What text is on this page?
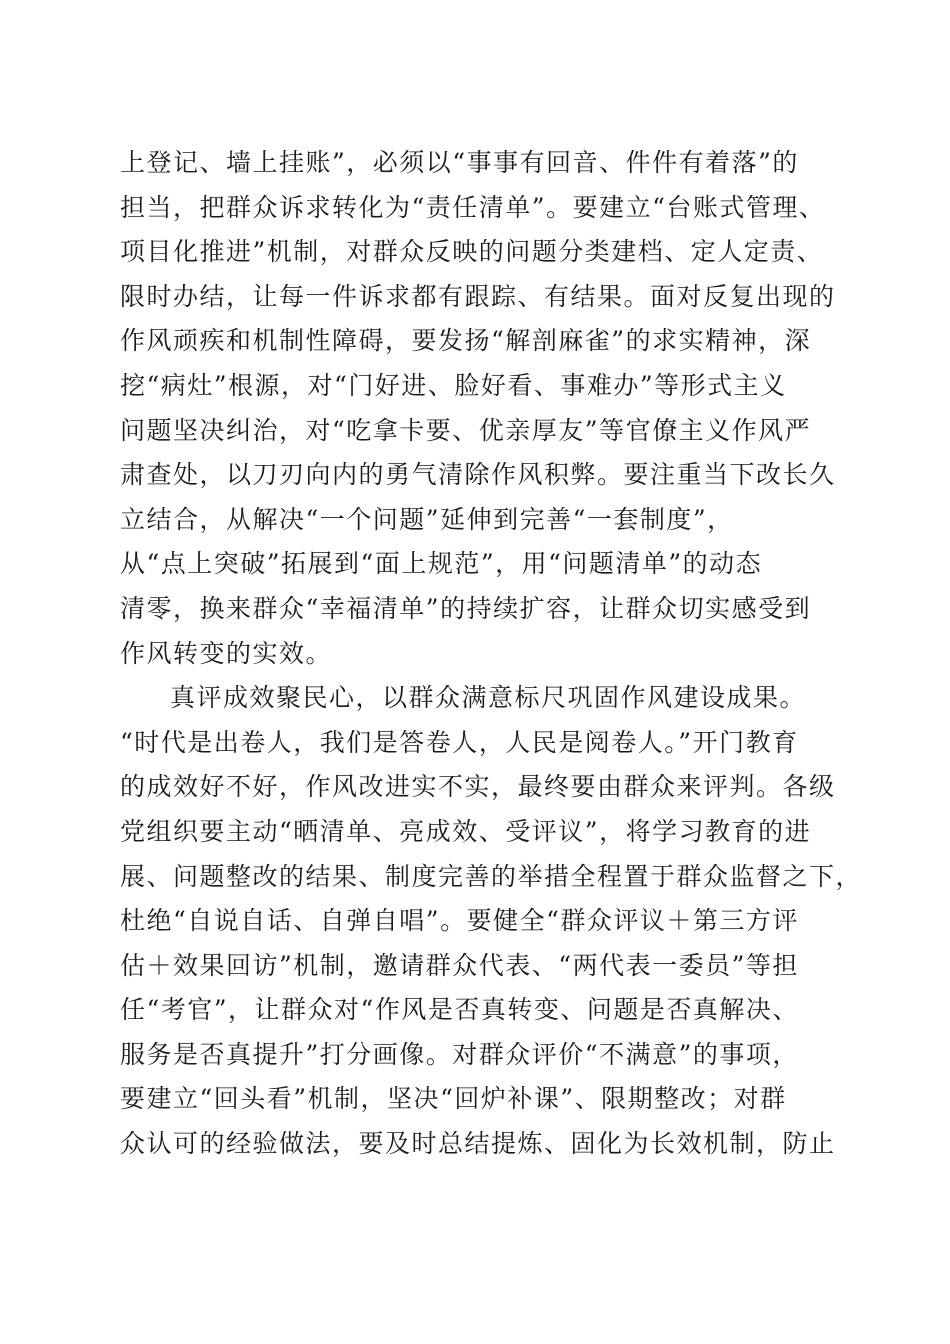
上登记、墙上挂账”，必须以“事事有回音、件件有着落”的
担当，把群众诉求转化为“责任清单”。要建立“台账式管理、
项目化推进”机制，对群众反映的问题分类建档、定人定责、
限时办结，让每一件诉求都有跟踪、有结果。面对反复出现的
作风顽疾和机制性障碍，要发扬“解剖麻雀”的求实精神，深
挖“病灶”根源，对“门好进、脸好看、事难办”等形式主义
问题坚决纠治，对“吃拿卡要、优亲厚友”等官僚主义作风严
肃查处，以刀刃向内的勇气清除作风积弊。要注重当下改长久
立结合，从解决“一个问题”延伸到完善“一套制度”，
从“点上突破”拓展到“面上规范”，用“问题清单”的动态
清零，换来群众“幸福清单”的持续扩容，让群众切实感受到
作风转变的实效。
真评成效聚民心，以群众满意标尺巩固作风建设成果。
“时代是出卷人，我们是答卷人，人民是阅卷人。”开门教育
的成效好不好，作风改进实不实，最终要由群众来评判。各级
党组织要主动“晒清单、亮成效、受评议”，将学习教育的进
展、问题整改的结果、制度完善的举措全程置于群众监督之下，
杜绝“自说自话、自弹自唱”。要健全“群众评议＋第三方评
估＋效果回访”机制，邀请群众代表、“两代表一委员”等担
任“考官”，让群众对“作风是否真转变、问题是否真解决、
服务是否真提升”打分画像。对群众评价“不满意”的事项，
要建立“回头看”机制，坚决“回炉补课”、限期整改；对群
众认可的经验做法，要及时总结提炼、固化为长效机制，防止
